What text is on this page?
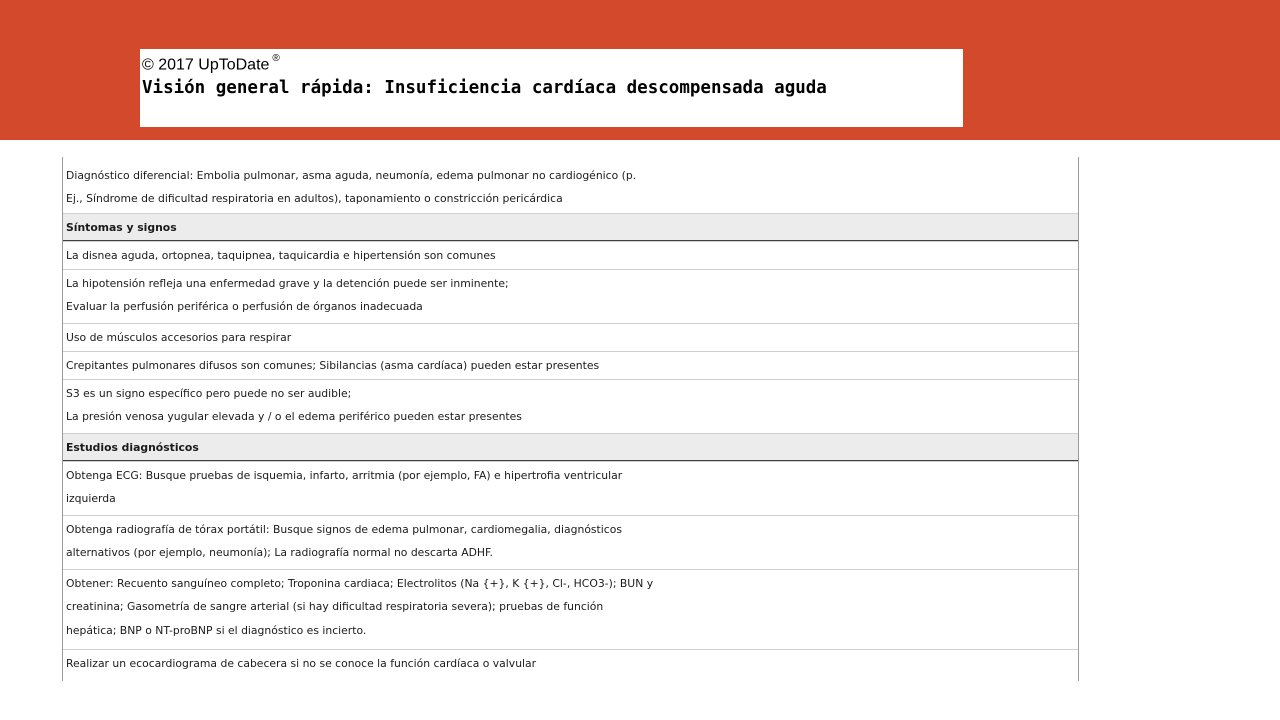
© 2017 UpToDate ®
Visión general rápida: Insuficiencia cardíaca descompensada aguda
Diagnóstico diferencial: Embolia pulmonar, asma aguda, neumonía, edema pulmonar no cardiogénico (p.
Ej., Síndrome de dificultad respiratoria en adultos), taponamiento o constricción pericárdica
Síntomas y signos
La disnea aguda, ortopnea, taquipnea, taquicardia e hipertensión son comunes
La hipotensión refleja una enfermedad grave y la detención puede ser inminente;
Evaluar la perfusión periférica o perfusión de órganos inadecuada
Uso de músculos accesorios para respirar
Crepitantes pulmonares difusos son comunes; Sibilancias (asma cardíaca) pueden estar presentes
S3 es un signo específico pero puede no ser audible;
La presión venosa yugular elevada y / o el edema periférico pueden estar presentes
Estudios diagnósticos
Obtenga ECG: Busque pruebas de isquemia, infarto, arritmia (por ejemplo, FA) e hipertrofia ventricular
izquierda
Obtenga radiografía de tórax portátil: Busque signos de edema pulmonar, cardiomegalia, diagnósticos
alternativos (por ejemplo, neumonía); La radiografía normal no descarta ADHF.
Obtener: Recuento sanguíneo completo; Troponina cardiaca; Electrolitos (Na {+}, K {+}, Cl-, HCO3-); BUN y
creatinina; Gasometría de sangre arterial (si hay dificultad respiratoria severa); pruebas de función
hepática; BNP o NT-proBNP si el diagnóstico es incierto.
Realizar un ecocardiograma de cabecera si no se conoce la función cardíaca o valvular
